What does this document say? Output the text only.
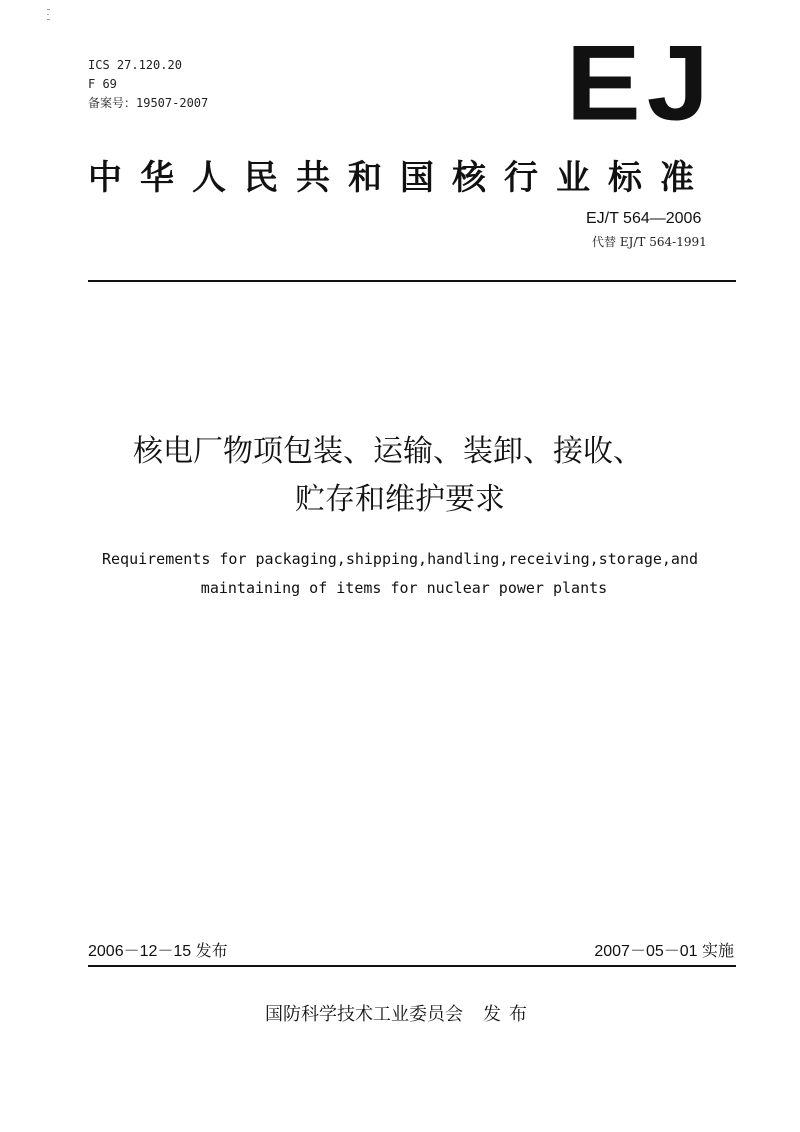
ICS 27.120.20
F 69
备案号：19507-2007	EJ
中华人民共和国核行业标准
EJ/T 564—2006
代替 EJ/T 564-1991
核电厂物项包装、运输、装卸、接收、
贮存和维护要求
Requirements for packaging,shipping,handling,receiving,storage,and
maintaining of items for nuclear power plants
2006－12－15 发布	2007－05－01 实施
国防科学技术工业委员会 发布
